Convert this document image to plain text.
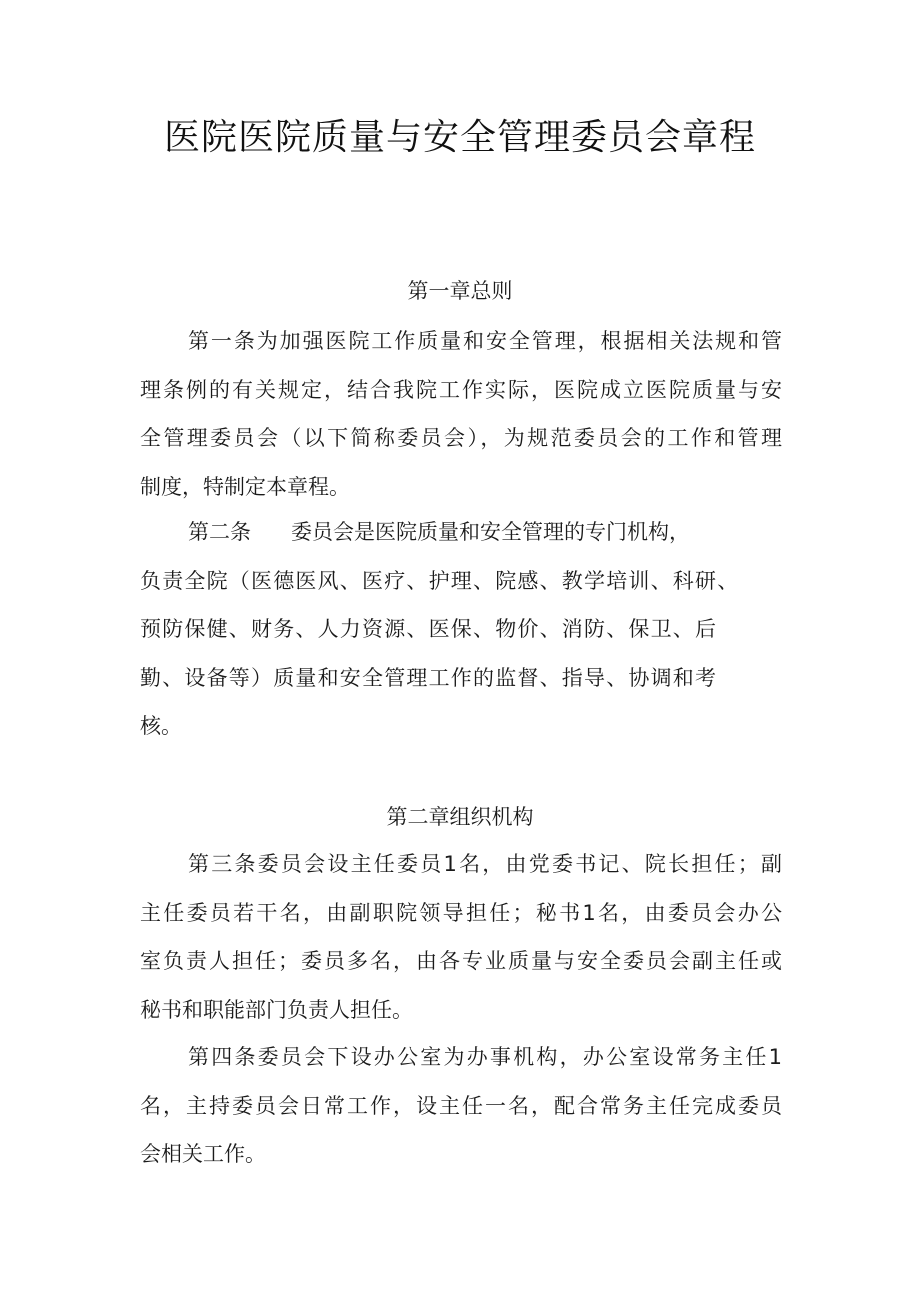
医院医院质量与安全管理委员会章程
第一章总则
第一条为加强医院工作质量和安全管理，根据相关法规和管
理条例的有关规定，结合我院工作实际，医院成立医院质量与安
全管理委员会（以下简称委员会），为规范委员会的工作和管理
制度，特制定本章程。
第二条 委员会是医院质量和安全管理的专门机构，
负责全院（医德医风、医疗、护理、院感、教学培训、科研、
预防保健、财务、人力资源、医保、物价、消防、保卫、后
勤、设备等）质量和安全管理工作的监督、指导、协调和考
核。
第二章组织机构
第三条委员会设主任委员1名，由党委书记、院长担任；副
主任委员若干名，由副职院领导担任；秘书1名，由委员会办公
室负责人担任；委员多名，由各专业质量与安全委员会副主任或
秘书和职能部门负责人担任。
第四条委员会下设办公室为办事机构，办公室设常务主任1
名，主持委员会日常工作，设主任一名，配合常务主任完成委员
会相关工作。
